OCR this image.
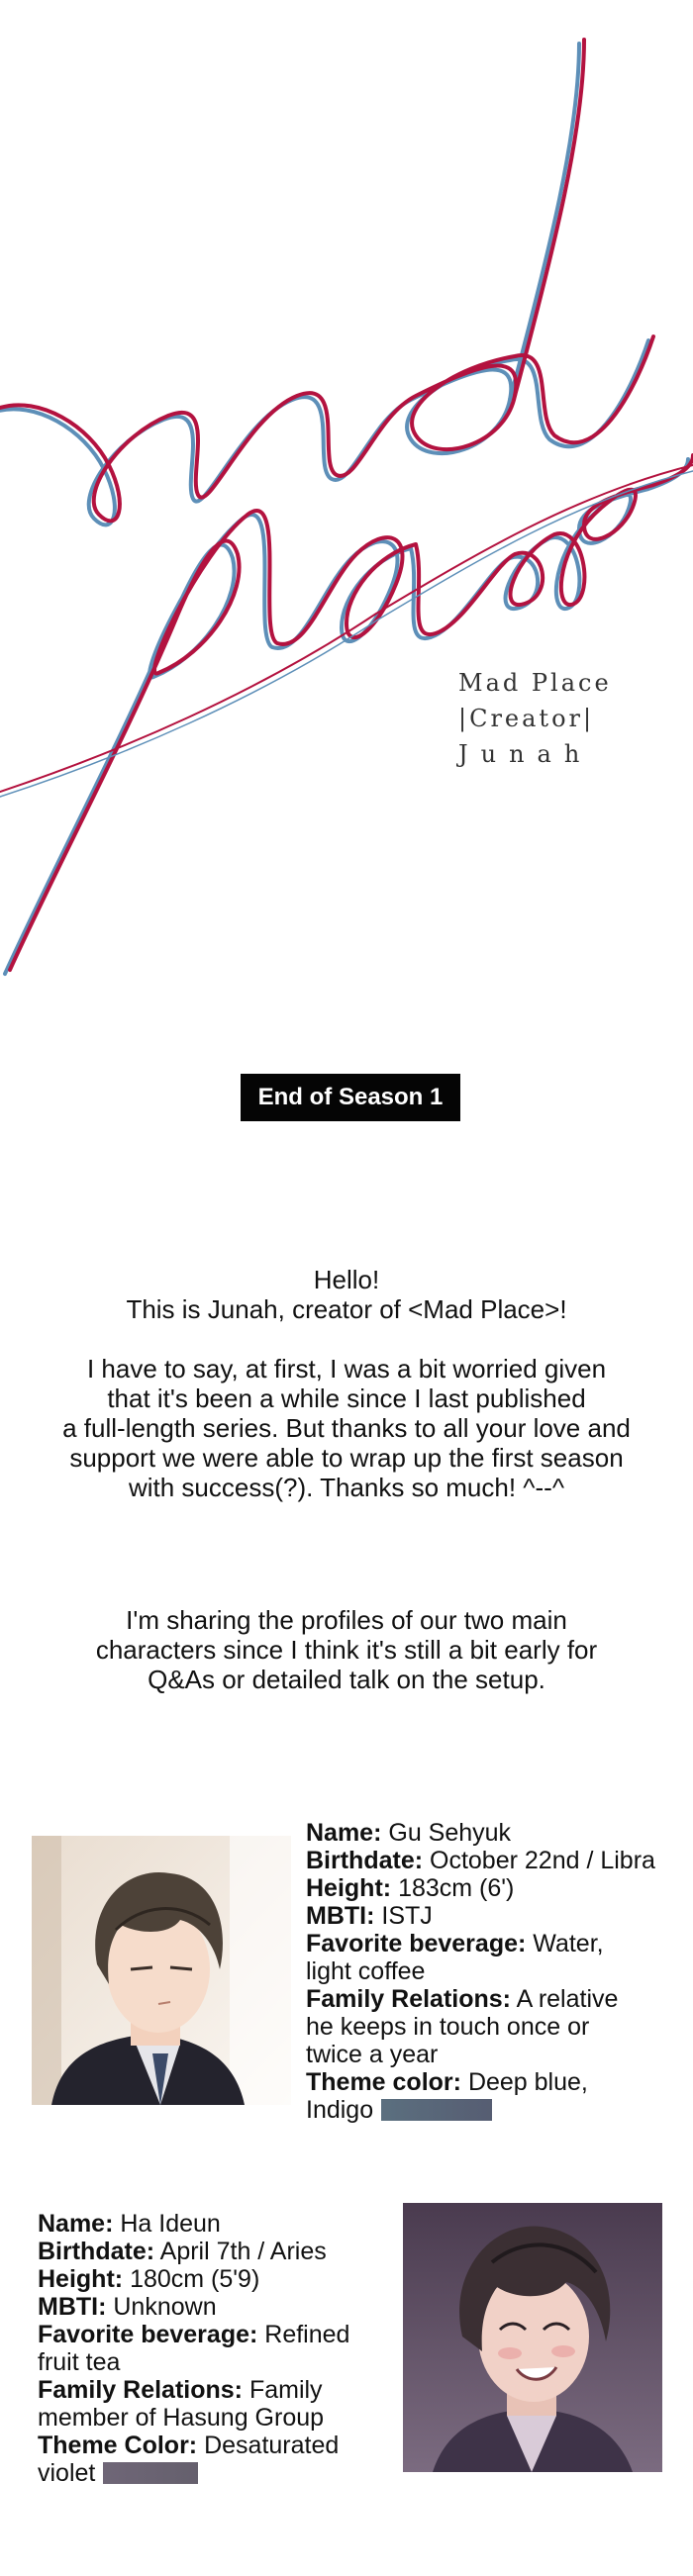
Mad Place
|Creator|
Junah
End of Season 1
Hello!
This is Junah, creator of <Mad Place>!
I have to say, at first, I was a bit worried given
that it's been a while since I last published
a full-length series. But thanks to all your love and
support we were able to wrap up the first season
with success(?). Thanks so much! ^--^
I'm sharing the profiles of our two main
characters since I think it's still a bit early for
Q&As or detailed talk on the setup.
Name: Gu Sehyuk
Birthdate: October 22nd / Libra
Height: 183cm (6')
MBTI: ISTJ
Favorite beverage: Water,
light coffee
Family Relations: A relative
he keeps in touch once or
twice a year
Theme color: Deep blue,
Indigo
Name: Ha Ideun
Birthdate: April 7th / Aries
Height: 180cm (5'9)
MBTI: Unknown
Favorite beverage: Refined
fruit tea
Family Relations: Family
member of Hasung Group
Theme Color: Desaturated
violet
